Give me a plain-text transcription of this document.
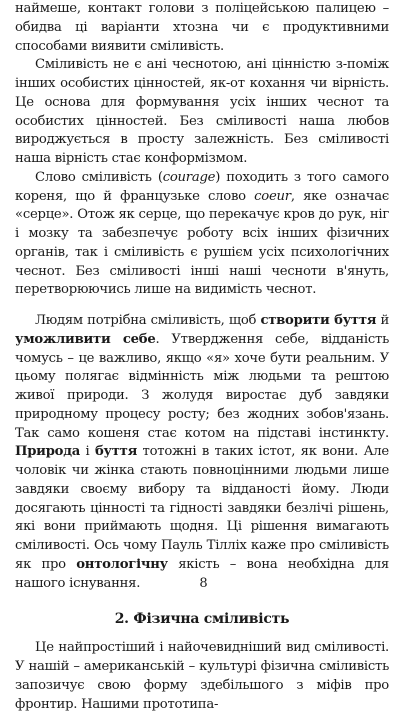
наймеше, контакт голови з поліцейською палицею – обидва ці варіанти хтозна чи є продуктивними способами виявити сміливість.

Сміливість не є ані чеснотою, ані цінністю з-поміж інших особистих цінностей, як-от кохання чи вірність. Це основа для формування усіх інших чеснот та особистих цінностей. Без сміливості наша любов вироджується в просту залежність. Без сміливості наша вірність стає конформізмом.

Слово сміливість (courage) походить з того самого кореня, що й французьке слово coeur, яке означає «серце». Отож як серце, що перекачує кров до рук, ніг і мозку та забезпечує роботу всіх інших фізичних органів, так і сміливість є рушієм усіх психологічних чеснот. Без сміливості інші наші чесноти в'януть, перетворюючись лише на видимість чеснот.

Людям потрібна сміливість, щоб створити буття й уможливити себе. Утвердження себе, відданість чомусь – це важливо, якщо «я» хоче бути реальним. У цьому полягає відмінність між людьми та рештою живої природи. З жолудя виростає дуб завдяки природному процесу росту; без жодних зобов'язань. Так само кошеня стає котом на підставі інстинкту. Природа і буття тотожні в таких істот, як вони. Але чоловік чи жінка стають повноцінними людьми лише завдяки своєму вибору та відданості йому. Люди досягають цінності та гідності завдяки безлічі рішень, які вони приймають щодня. Ці рішення вимагають сміливості. Ось чому Пауль Тілліх каже про сміливість як про онтологічну якість – вона необхідна для нашого існування.

2. Фізична сміливість

Це найпростіший і найочевидніший вид сміливості. У нашій – американській – культурі фізична сміливість запозичує свою форму здебільшого з міфів про фронтир. Нашими прототипа-

8
